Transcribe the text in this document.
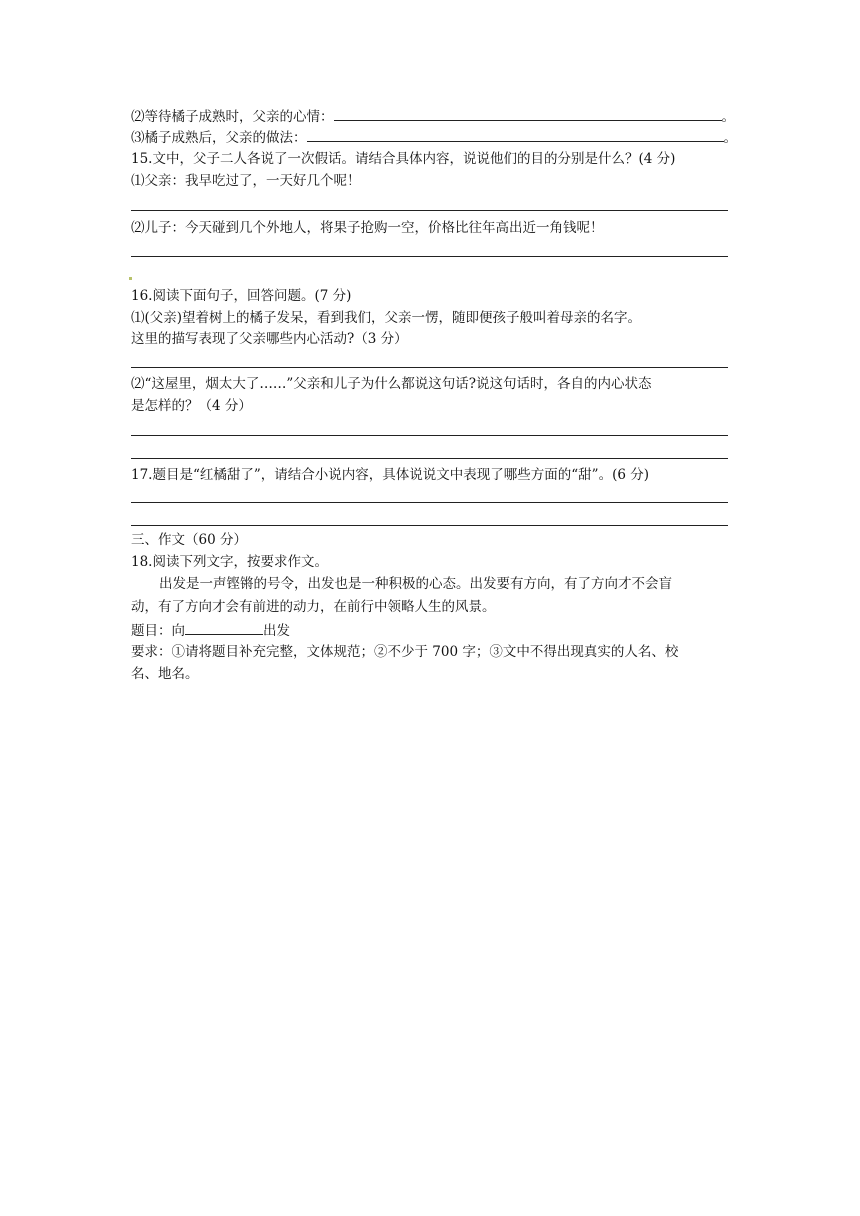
⑵等待橘子成熟时，父亲的心情：	。
⑶橘子成熟后，父亲的做法：	。
15.文中，父子二人各说了一次假话。请结合具体内容，说说他们的目的分别是什么？(4 分)
⑴父亲：我早吃过了，一天好几个呢！
⑵儿子：今天碰到几个外地人，将果子抢购一空，价格比往年高出近一角钱呢！
16.阅读下面句子，回答问题。(7 分)
⑴(父亲)望着树上的橘子发呆，看到我们，父亲一愣，随即便孩子般叫着母亲的名字。
这里的描写表现了父亲哪些内心活动?（3 分）
⑵“这屋里，烟太大了……”父亲和儿子为什么都说这句话?说这句话时，各自的内心状态
是怎样的？（4 分）
17.题目是“红橘甜了”，请结合小说内容，具体说说文中表现了哪些方面的“甜”。(6 分)
三、作文（60 分）
18.阅读下列文字，按要求作文。
出发是一声铿锵的号令，出发也是一种积极的心态。出发要有方向，有了方向才不会盲
动，有了方向才会有前进的动力，在前行中领略人生的风景。
题目：向	出发
要求：①请将题目补充完整，文体规范；②不少于 700 字；③文中不得出现真实的人名、校
名、地名。
